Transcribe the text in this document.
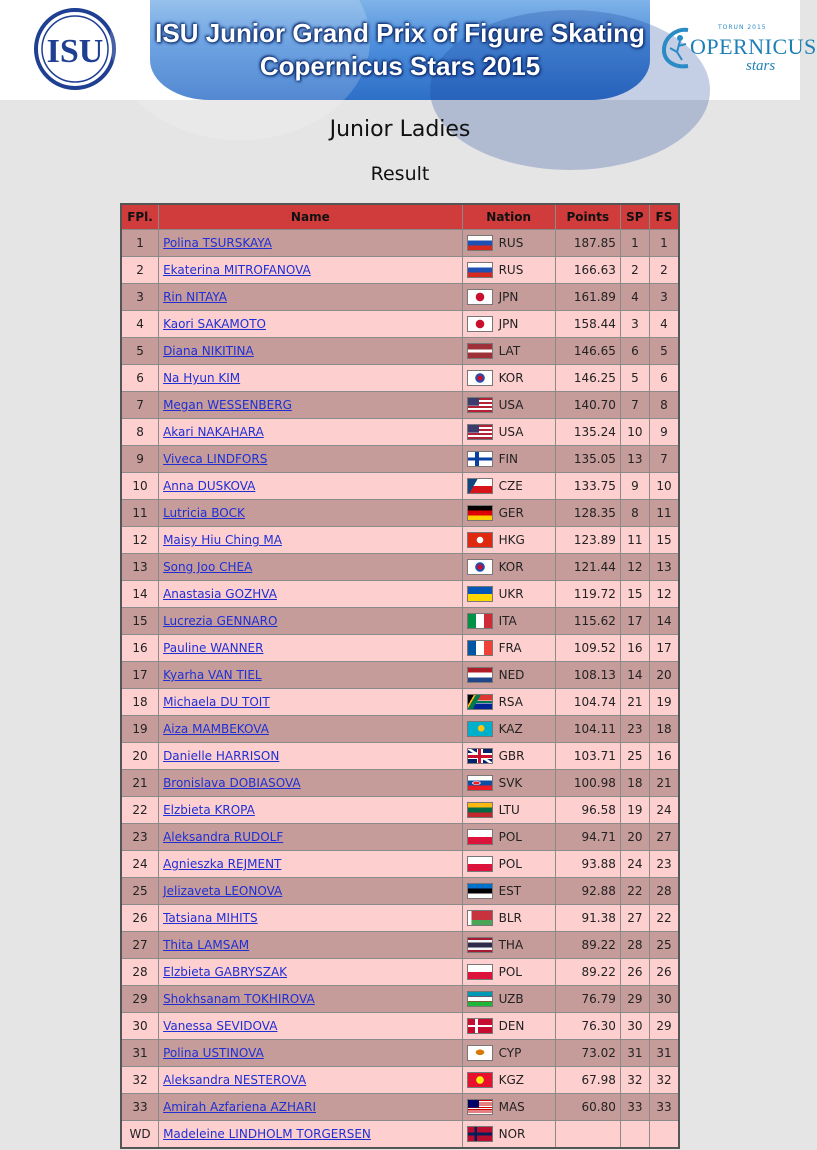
ISU ISU Junior Grand Prix of Figure Skating
Copernicus Stars 2015
TORUN 2015
OPERNICUS
stars
Junior Ladies
Result
FPl.	Name	Nation	Points	SP	FS
1	Polina TSURSKAYA	RUS	187.85	1	1
2	Ekaterina MITROFANOVA	RUS	166.63	2	2
3	Rin NITAYA	JPN	161.89	4	3
4	Kaori SAKAMOTO	JPN	158.44	3	4
5	Diana NIKITINA	LAT	146.65	6	5
6	Na Hyun KIM	KOR	146.25	5	6
7	Megan WESSENBERG	USA	140.70	7	8
8	Akari NAKAHARA	USA	135.24	10	9
9	Viveca LINDFORS	FIN	135.05	13	7
10	Anna DUSKOVA	CZE	133.75	9	10
11	Lutricia BOCK	GER	128.35	8	11
12	Maisy Hiu Ching MA	HKG	123.89	11	15
13	Song Joo CHEA	KOR	121.44	12	13
14	Anastasia GOZHVA	UKR	119.72	15	12
15	Lucrezia GENNARO	ITA	115.62	17	14
16	Pauline WANNER	FRA	109.52	16	17
17	Kyarha VAN TIEL	NED	108.13	14	20
18	Michaela DU TOIT	RSA	104.74	21	19
19	Aiza MAMBEKOVA	KAZ	104.11	23	18
20	Danielle HARRISON	GBR	103.71	25	16
21	Bronislava DOBIASOVA	SVK	100.98	18	21
22	Elzbieta KROPA	LTU	96.58	19	24
23	Aleksandra RUDOLF	POL	94.71	20	27
24	Agnieszka REJMENT	POL	93.88	24	23
25	Jelizaveta LEONOVA	EST	92.88	22	28
26	Tatsiana MIHITS	BLR	91.38	27	22
27	Thita LAMSAM	THA	89.22	28	25
28	Elzbieta GABRYSZAK	POL	89.22	26	26
29	Shokhsanam TOKHIROVA	UZB	76.79	29	30
30	Vanessa SEVIDOVA	DEN	76.30	30	29
31	Polina USTINOVA	CYP	73.02	31	31
32	Aleksandra NESTEROVA	KGZ	67.98	32	32
33	Amirah Azfariena AZHARI	MAS	60.80	33	33
WD	Madeleine LINDHOLM TORGERSEN	NOR			
